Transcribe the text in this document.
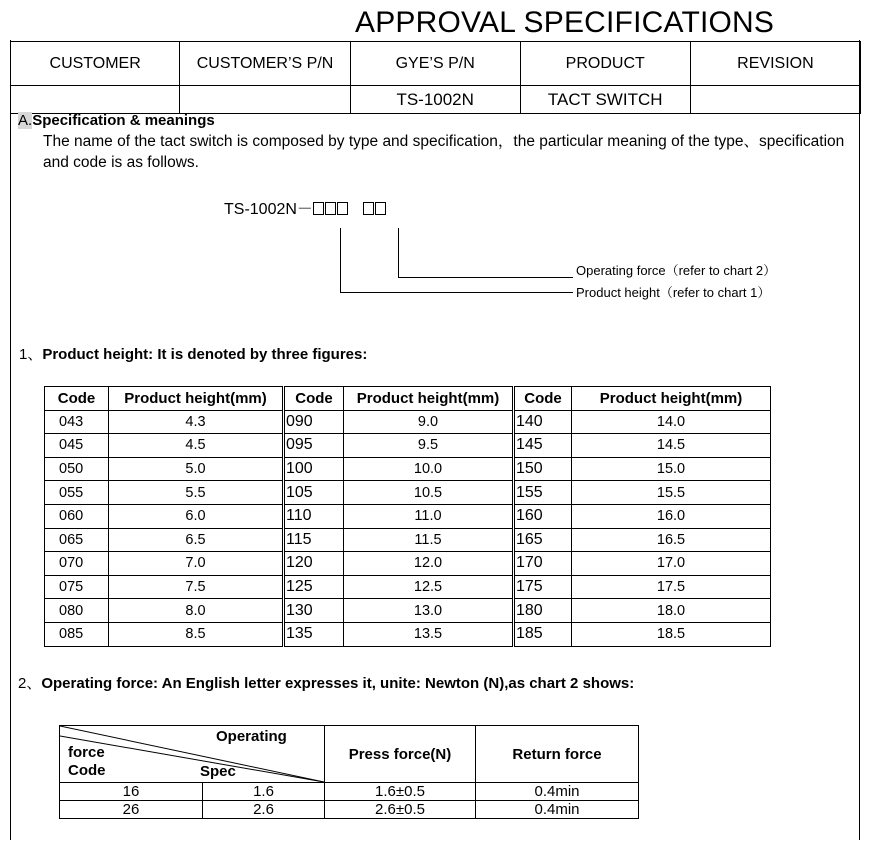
APPROVAL SPECIFICATIONS
CUSTOMER	CUSTOMER’S P/N	GYE’S P/N	PRODUCT	REVISION
		TS-1002N	TACT SWITCH	
A.Specification & meanings
The name of the tact switch is composed by type and specification，the particular meaning of the type、specification and code is as follows.
TS-1002N－
Operating force（refer to chart 2）
Product height（refer to chart 1）
1、Product height: It is denoted by three figures:
Code	Product height(mm)	Code	Product height(mm)	Code	Product height(mm)
043	4.3	090	9.0	140	14.0
045	4.5	095	9.5	145	14.5
050	5.0	100	10.0	150	15.0
055	5.5	105	10.5	155	15.5
060	6.0	110	11.0	160	16.0
065	6.5	115	11.5	165	16.5
070	7.0	120	12.0	170	17.0
075	7.5	125	12.5	175	17.5
080	8.0	130	13.0	180	18.0
085	8.5	135	13.5	185	18.5
2、Operating force: An English letter expresses it, unite: Newton (N),as chart 2 shows:
Operating
force
Code Spec		Press force(N)	Return force
16	1.6	1.6±0.5	0.4min
26	2.6	2.6±0.5	0.4min
